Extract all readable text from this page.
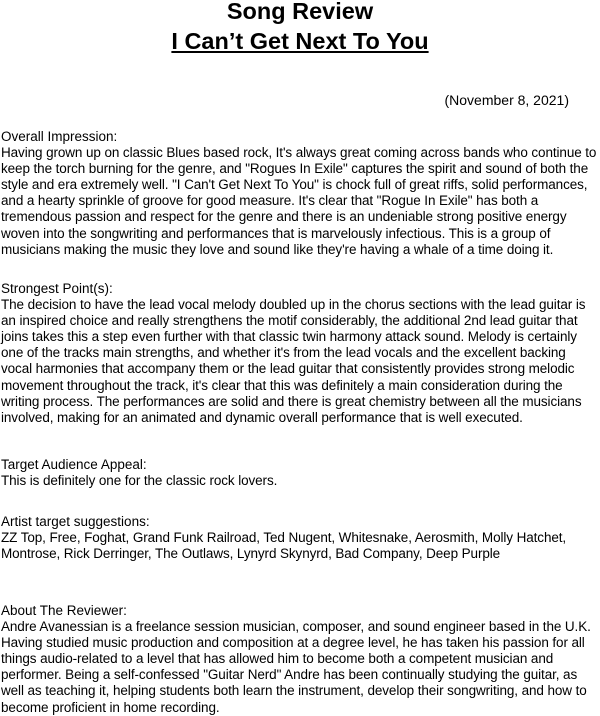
Song Review
I Can’t Get Next To You
(November 8, 2021)

Overall Impression:

Having grown up on classic Blues based rock, It's always great coming across bands who continue to
keep the torch burning for the genre, and "Rogues In Exile" captures the spirit and sound of both the
style and era extremely well. "I Can't Get Next To You" is chock full of great riffs, solid performances,
and a hearty sprinkle of groove for good measure. It's clear that "Rogue In Exile" has both a
tremendous passion and respect for the genre and there is an undeniable strong positive energy
woven into the songwriting and performances that is marvelously infectious. This is a group of
musicians making the music they love and sound like they're having a whale of a time doing it.

Strongest Point(s):

The decision to have the lead vocal melody doubled up in the chorus sections with the lead guitar is
an inspired choice and really strengthens the motif considerably, the additional 2nd lead guitar that
joins takes this a step even further with that classic twin harmony attack sound. Melody is certainly
one of the tracks main strengths, and whether it's from the lead vocals and the excellent backing
vocal harmonies that accompany them or the lead guitar that consistently provides strong melodic
movement throughout the track, it's clear that this was definitely a main consideration during the
writing process. The performances are solid and there is great chemistry between all the musicians
involved, making for an animated and dynamic overall performance that is well executed.

Target Audience Appeal:

This is definitely one for the classic rock lovers.

Artist target suggestions:

ZZ Top, Free, Foghat, Grand Funk Railroad, Ted Nugent, Whitesnake, Aerosmith, Molly Hatchet,
Montrose, Rick Derringer, The Outlaws, Lynyrd Skynyrd, Bad Company, Deep Purple

About The Reviewer:

Andre Avanessian is a freelance session musician, composer, and sound engineer based in the U.K.
Having studied music production and composition at a degree level, he has taken his passion for all
things audio-related to a level that has allowed him to become both a competent musician and
performer. Being a self-confessed "Guitar Nerd" Andre has been continually studying the guitar, as
well as teaching it, helping students both learn the instrument, develop their songwriting, and how to
become proficient in home recording.
